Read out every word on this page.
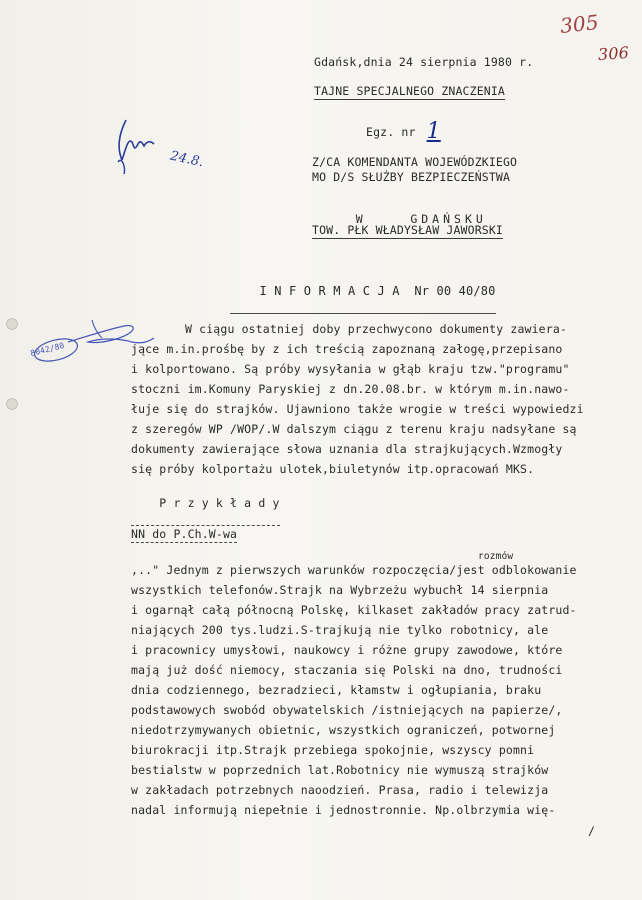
305
306
Gdańsk,dnia 24 sierpnia 1980 r.
TAJNE SPECJALNEGO ZNACZENIA
Egz. nr 1
Z/CA KOMENDANTA WOJEWÓDZKIEGO
MO D/S SŁUŻBY BEZPIECZEŃSTWA

W    GDAŃSKU

TOW. PŁK WŁADYSŁAW JAWORSKI
24.8.
8042/80

I N F O R M A C J A  Nr 00 40/80

W ciągu ostatniej doby przechwycono dokumenty zawiera-
jące m.in.prośbę by z ich treścią zapoznaną załogę,przepisano
i kolportowano. Są próby wysyłania w głąb kraju tzw."programu"
stoczni im.Komuny Paryskiej z dn.20.08.br. w którym m.in.nawo-
łuje się do strajków. Ujawniono także wrogie w treści wypowiedzi
z szeregów WP /WOP/.W dalszym ciągu z terenu kraju nadsyłane są
dokumenty zawierające słowa uznania dla strajkujących.Wzmogły
się próby kolportażu ulotek,biuletynów itp.opracowań MKS.

P r z y k ł a d y

NN do P.Ch.W-wa
rozmów
,.." Jednym z pierwszych warunków rozpoczęcia/jest odblokowanie
wszystkich telefonów.Strajk na Wybrzeżu wybuchł 14 sierpnia
i ogarnął całą północną Polskę, kilkaset zakładów pracy zatrud-
niających 200 tys.ludzi.S-trajkują nie tylko robotnicy, ale
i pracownicy umysłowi, naukowcy i różne grupy zawodowe, które
mają już dość niemocy, staczania się Polski na dno, trudności
dnia codziennego, bezradzieci, kłamstw i ogłupiania, braku
podstawowych swobód obywatelskich /istniejących na papierze/,
niedotrzymywanych obietnic, wszystkich ograniczeń, potwornej
biurokracji itp.Strajk przebiega spokojnie, wszyscy pomni
bestialstw w poprzednich lat.Robotnicy nie wymuszą strajków
w zakładach potrzebnych naoodzień. Prasa, radio i telewizja
nadal informują niepełnie i jednostronnie. Np.olbrzymia wię-
/
